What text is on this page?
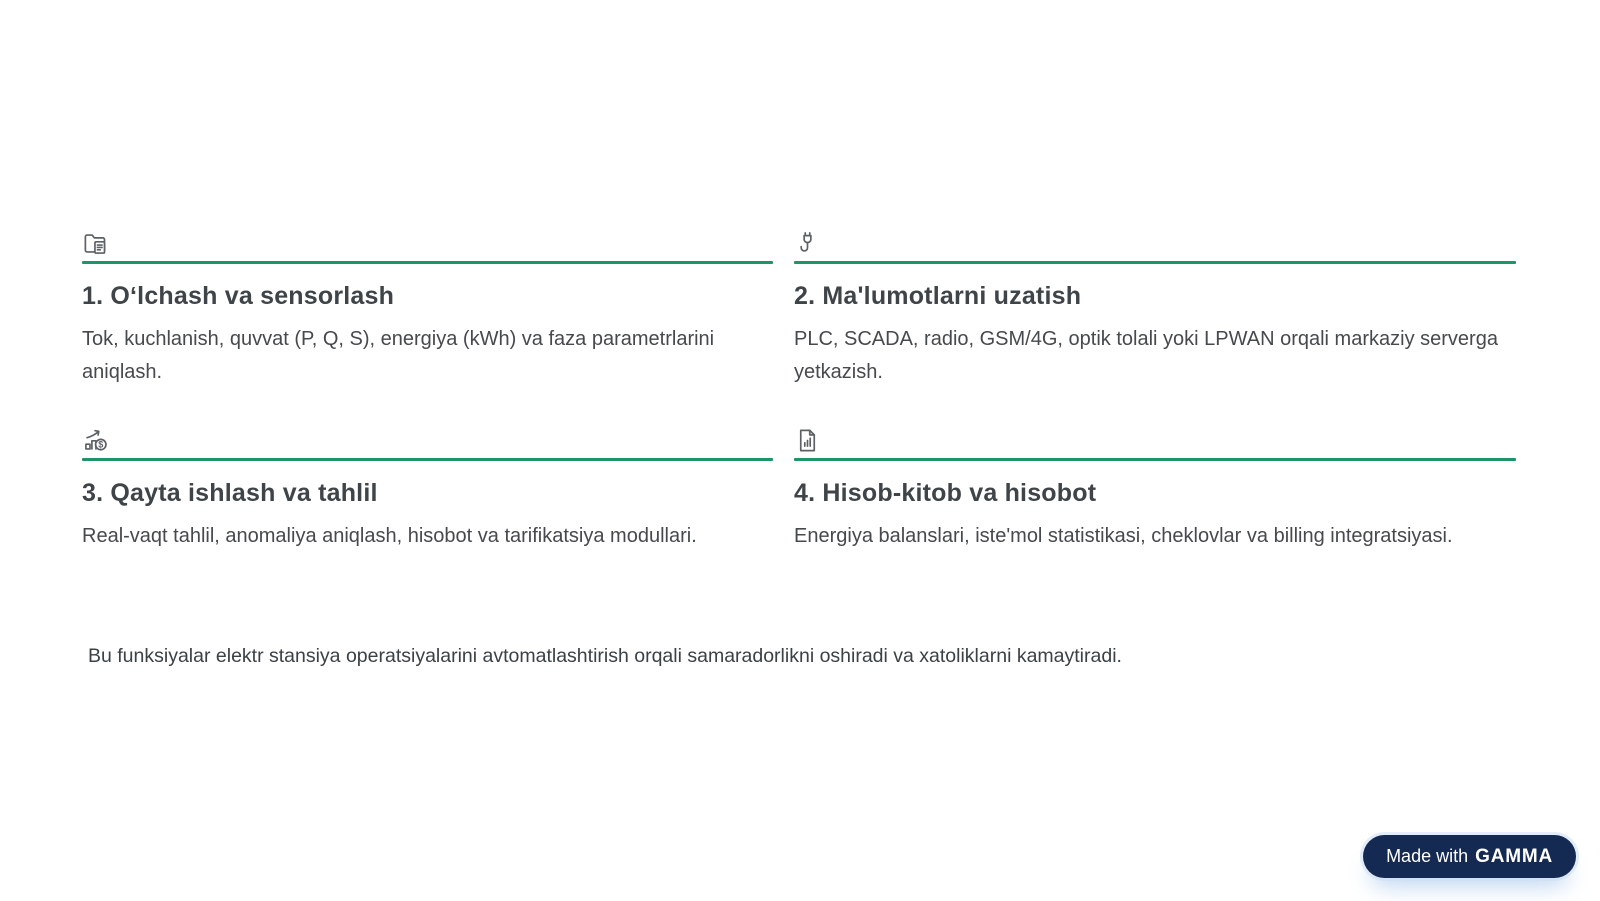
1. Oʻlchash va sensorlash

Tok, kuchlanish, quvvat (P, Q, S), energiya (kWh) va faza parametrlarini aniqlash.

2. Ma'lumotlarni uzatish

PLC, SCADA, radio, GSM/4G, optik tolali yoki LPWAN orqali markaziy serverga yetkazish.

$
3. Qayta ishlash va tahlil

Real-vaqt tahlil, anomaliya aniqlash, hisobot va tarifikatsiya modullari.

4. Hisob-kitob va hisobot

Energiya balanslari, iste'mol statistikasi, cheklovlar va billing integratsiyasi.

Bu funksiyalar elektr stansiya operatsiyalarini avtomatlashtirish orqali samaradorlikni oshiradi va xatoliklarni kamaytiradi.

Made with GAMMA
